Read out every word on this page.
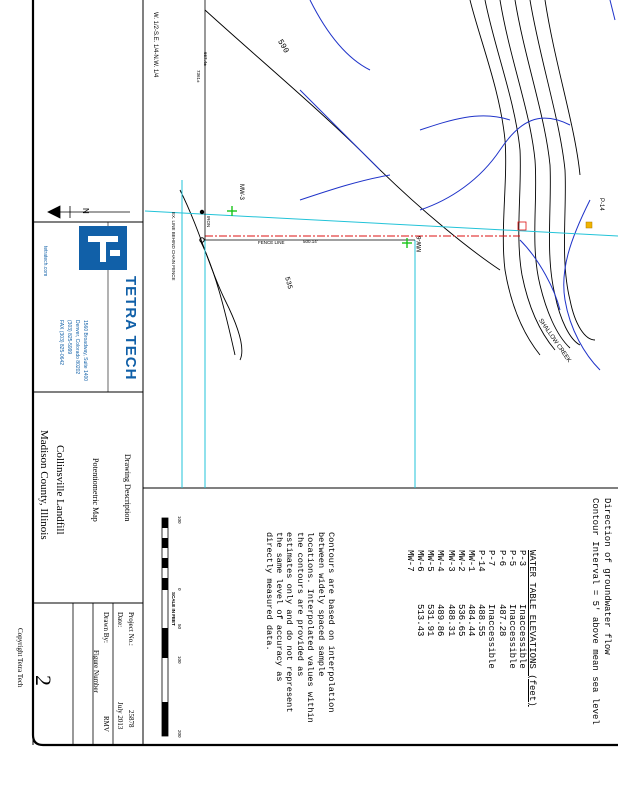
590
535
W. 1/2-S.E. 1/4-N.W. 1/4	667.4±
7361±
MW-3
MW-6
P-14
FENCE LINE	500.14'
IRON
SHALLOW CREEK
EX. LINE BEHIND CHAIN FENCE
Direction of groundwater flow
Contour Interval = 5' above mean sea level
WATER TABLE ELEVATIONS (feet)
P-3
Inaccessible
P-5
Inaccessible
P-6
487.28
P-7
Inaccessible
P-14
488.55
MW-1
484.44
MW-2
536.65
MW-3
488.31
MW-4
489.86
MW-5
531.91
MW-6
513.43
MW-7
Contours are based on interpolation
between widely spaced sample
locations. Interpolated values within
the contours are provided as
estimates only and do not represent
the same level of accuracy as
directly measured data.
SCALE IN FEET
100
0
50
100
200
N
TETRA TECH
1560 Broadway, Suite 1400
Denver, Colorado 80202
(303) 825-5999
FAX (303) 825-0642
tetratech.com
Drawing Description
Potentiometric Map
Collinsville Landfill
Madison County, Illinois
Project No.:
25878
Date:
July 2013
Drawn By:
RMV
Figure Number
2
Copyright Tetra Tech
